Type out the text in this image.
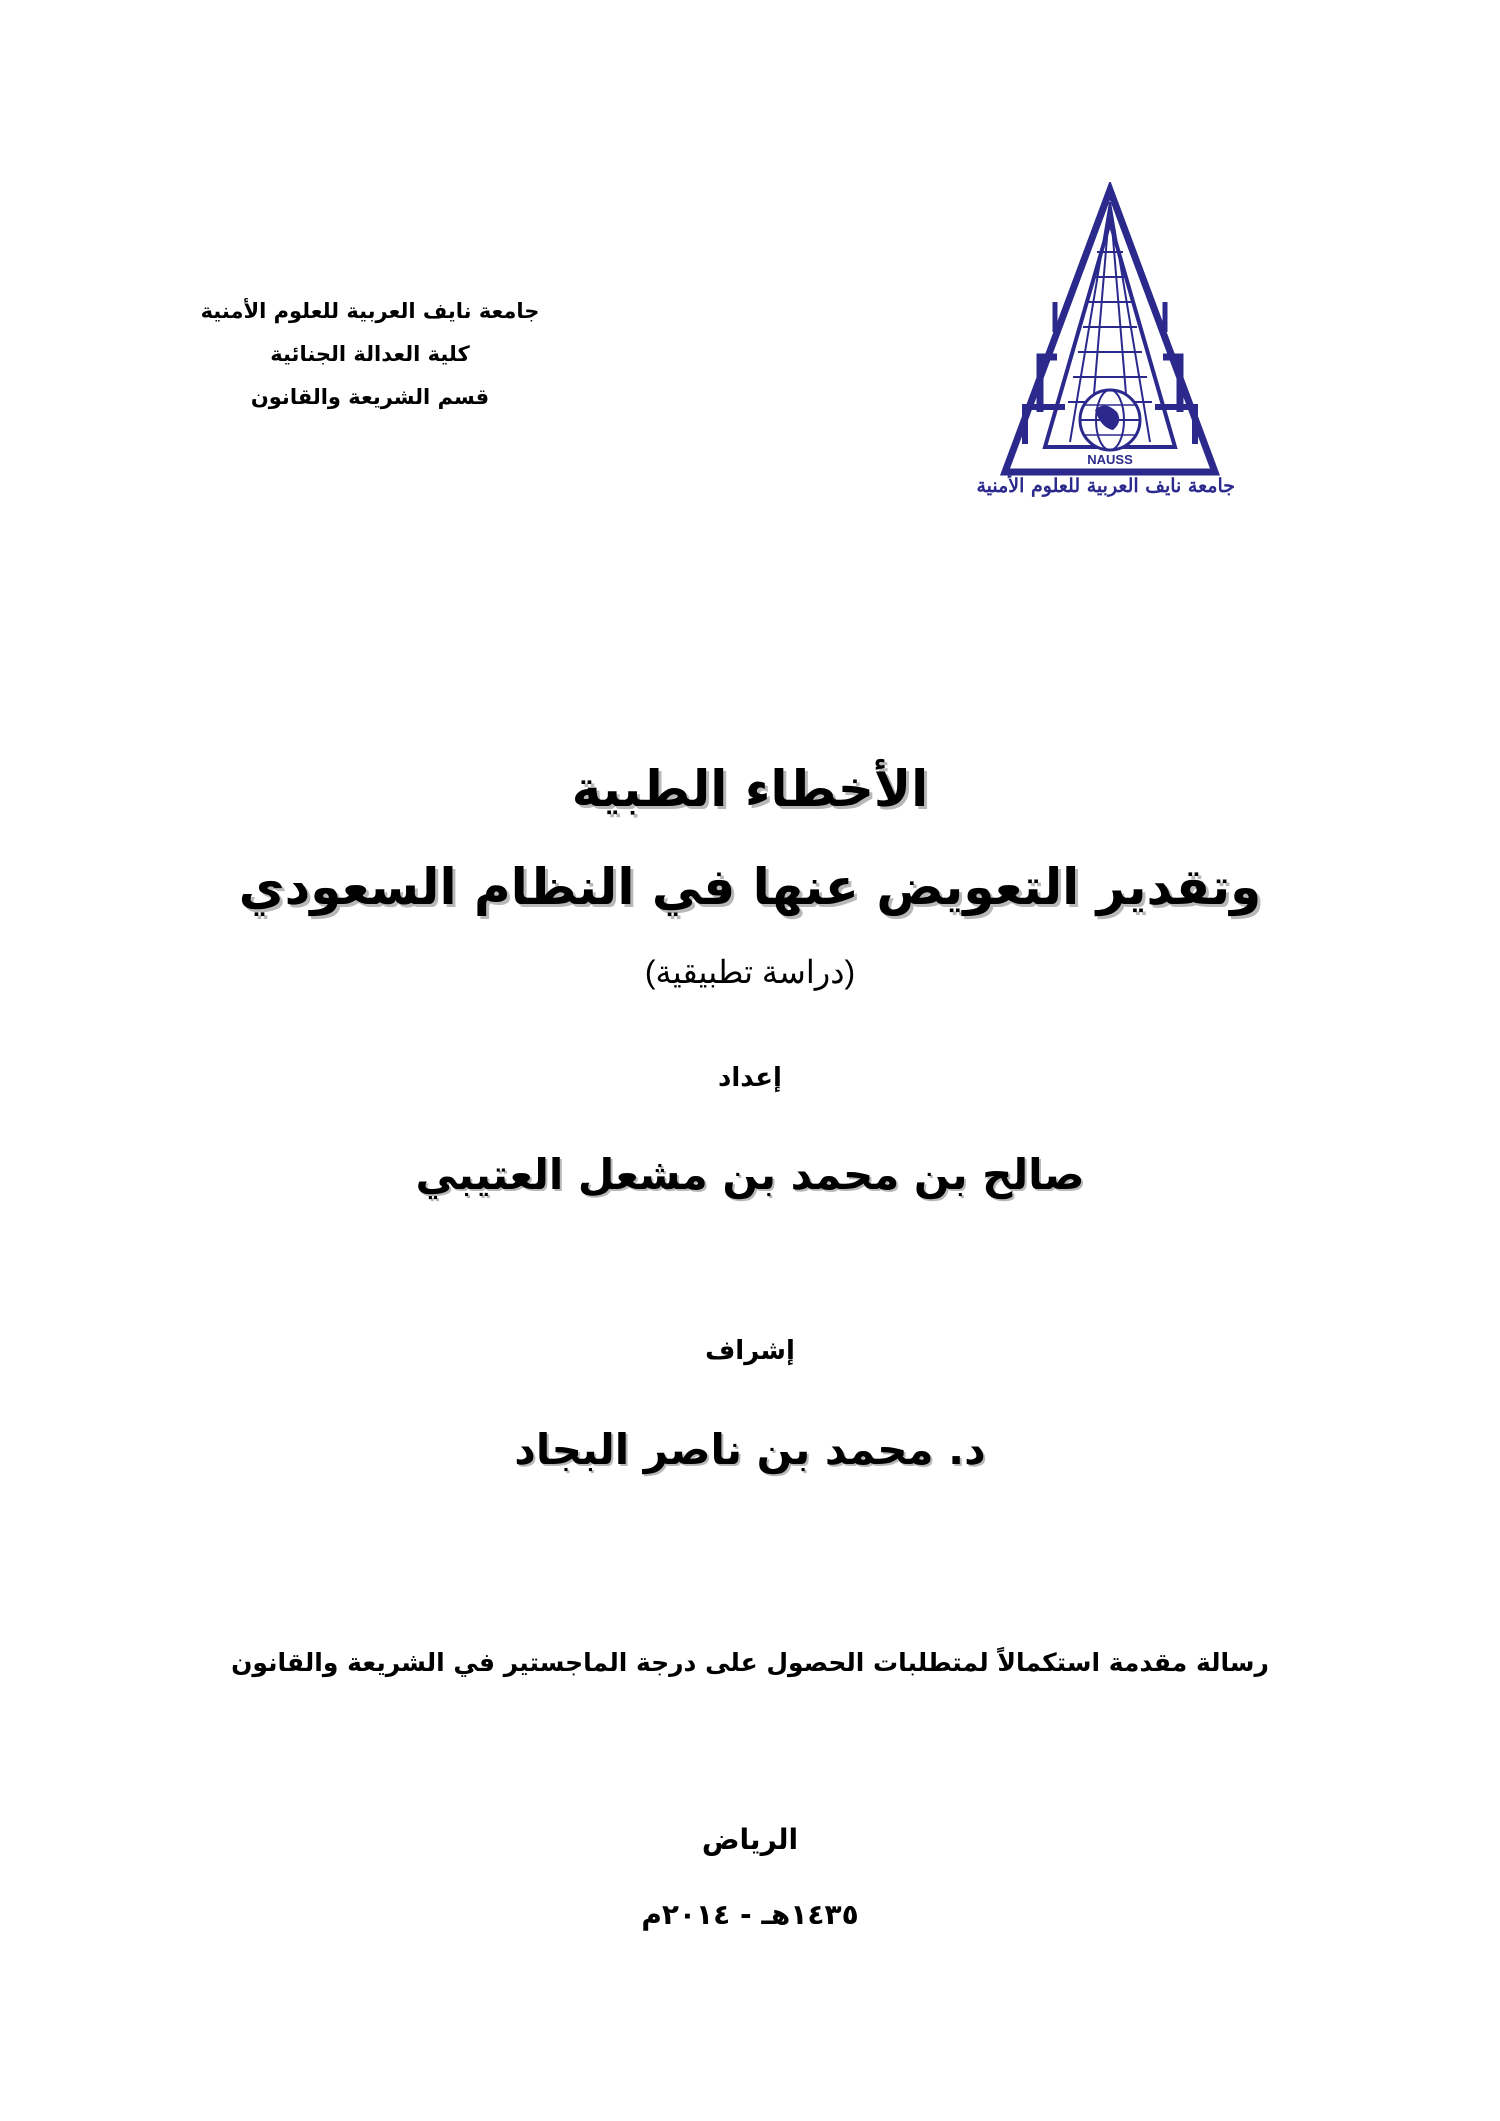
جامعة نايف العربية للعلوم الأمنية
كلية العدالة الجنائية
قسم الشريعة والقانون
NAUSS
جامعة نايف العربية للعلوم الأمنية
الأخطاء الطبية
وتقدير التعويض عنها في النظام السعودي
(دراسة تطبيقية)
إعداد
صالح بن محمد بن مشعل العتيبي
إشراف
د. محمد بن ناصر البجاد
رسالة مقدمة استكمالاً لمتطلبات الحصول على درجة الماجستير في الشريعة والقانون
الرياض
١٤٣٥هـ - ٢٠١٤م
